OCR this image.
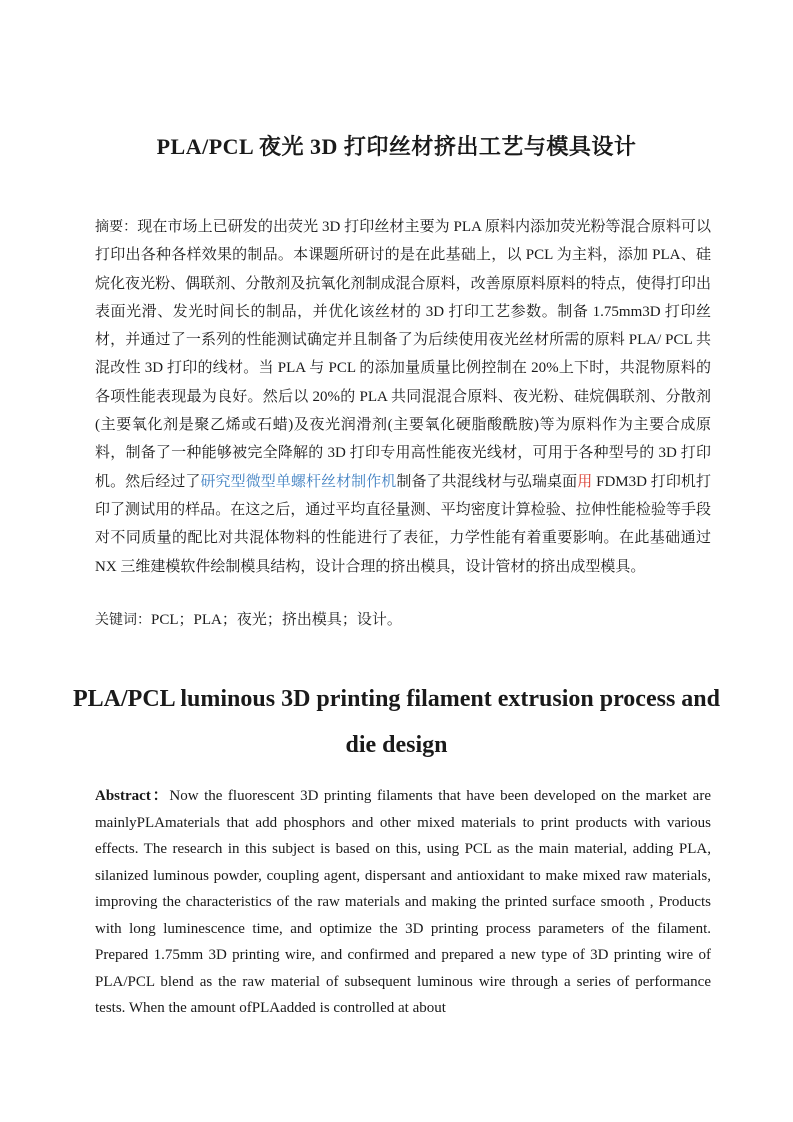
PLA/PCL 夜光 3D 打印丝材挤出工艺与模具设计

摘要：现在市场上已研发的出荧光 3D 打印丝材主要为 PLA 原料内添加荧光粉等混合原料可以打印出各种各样效果的制品。本课题所研讨的是在此基础上，以 PCL 为主料，添加 PLA、硅烷化夜光粉、偶联剂、分散剂及抗氧化剂制成混合原料，改善原原料原料的特点，使得打印出表面光滑、发光时间长的制品，并优化该丝材的 3D 打印工艺参数。制备 1.75mm3D 打印丝材，并通过了一系列的性能测试确定并且制备了为后续使用夜光丝材所需的原料 PLA/ PCL 共混改性 3D 打印的线材。当 PLA 与 PCL 的添加量质量比例控制在 20%上下时，共混物原料的各项性能表现最为良好。然后以 20%的 PLA 共同混混合原料、夜光粉、硅烷偶联剂、分散剂(主要氧化剂是聚乙烯或石蜡)及夜光润滑剂(主要氧化硬脂酸酰胺)等为原料作为主要合成原料，制备了一种能够被完全降解的 3D 打印专用高性能夜光线材，可用于各种型号的 3D 打印机。然后经过了研究型微型单螺杆丝材制作机制备了共混线材与弘瑞桌面用 FDM3D 打印机打印了测试用的样品。在这之后，通过平均直径量测、平均密度计算检验、拉伸性能检验等手段对不同质量的配比对共混体物料的性能进行了表征，力学性能有着重要影响。在此基础通过 NX 三维建模软件绘制模具结构，设计合理的挤出模具，设计管材的挤出成型模具。

关键词：PCL；PLA；夜光；挤出模具；设计。

PLA/PCL luminous 3D printing filament extrusion process and die design

Abstract：Now the fluorescent 3D printing filaments that have been developed on the market are mainlyPLAmaterials that add phosphors and other mixed materials to print products with various effects. The research in this subject is based on this, using PCL as the main material, adding PLA, silanized luminous powder, coupling agent, dispersant and antioxidant to make mixed raw materials, improving the characteristics of the raw materials and making the printed surface smooth , Products with long luminescence time, and optimize the 3D printing process parameters of the filament. Prepared 1.75mm 3D printing wire, and confirmed and prepared a new type of 3D printing wire of PLA/PCL blend as the raw material of subsequent luminous wire through a series of performance tests. When the amount ofPLAadded is controlled at about
